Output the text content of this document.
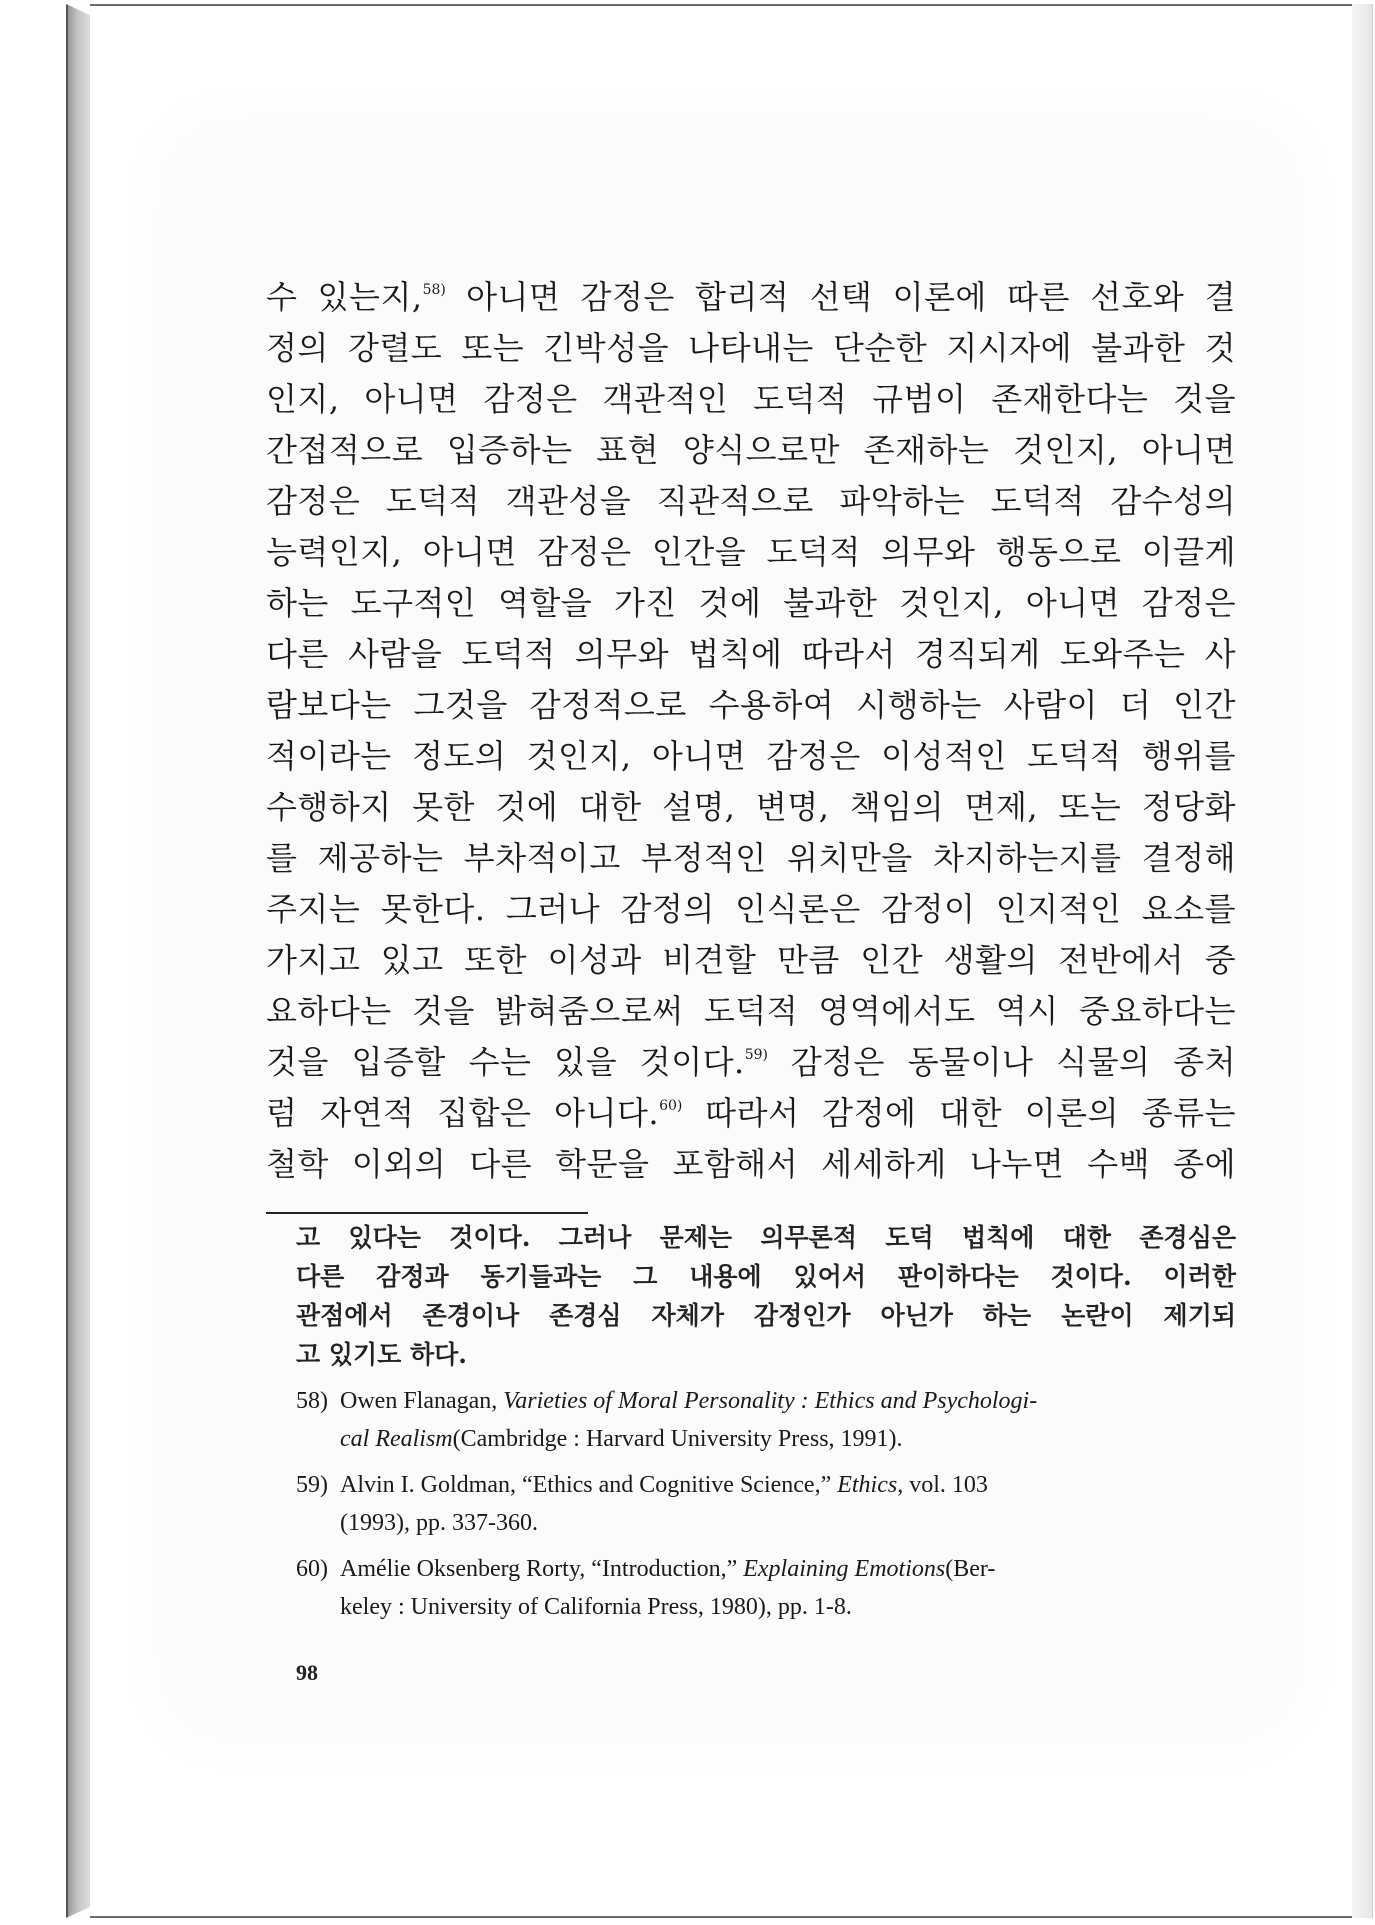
수 있는지,$^{58)}$ 아니면 감정은 합리적 선택 이론에 따른 선호와 결
정의 강렬도 또는 긴박성을 나타내는 단순한 지시자에 불과한 것
인지, 아니면 감정은 객관적인 도덕적 규범이 존재한다는 것을
간접적으로 입증하는 표현 양식으로만 존재하는 것인지, 아니면
감정은 도덕적 객관성을 직관적으로 파악하는 도덕적 감수성의
능력인지, 아니면 감정은 인간을 도덕적 의무와 행동으로 이끌게
하는 도구적인 역할을 가진 것에 불과한 것인지, 아니면 감정은
다른 사람을 도덕적 의무와 법칙에 따라서 경직되게 도와주는 사
람보다는 그것을 감정적으로 수용하여 시행하는 사람이 더 인간
적이라는 정도의 것인지, 아니면 감정은 이성적인 도덕적 행위를
수행하지 못한 것에 대한 설명, 변명, 책임의 면제, 또는 정당화
를 제공하는 부차적이고 부정적인 위치만을 차지하는지를 결정해
주지는 못한다. 그러나 감정의 인식론은 감정이 인지적인 요소를
가지고 있고 또한 이성과 비견할 만큼 인간 생활의 전반에서 중
요하다는 것을 밝혀줌으로써 도덕적 영역에서도 역시 중요하다는
것을 입증할 수는 있을 것이다.$^{59)}$ 감정은 동물이나 식물의 종처
럼 자연적 집합은 아니다.$^{60)}$ 따라서 감정에 대한 이론의 종류는
철학 이외의 다른 학문을 포함해서 세세하게 나누면 수백 종에
고 있다는 것이다. 그러나 문제는 의무론적 도덕 법칙에 대한 존경심은
다른 감정과 동기들과는 그 내용에 있어서 판이하다는 것이다. 이러한
관점에서 존경이나 존경심 자체가 감정인가 아닌가 하는 논란이 제기되
고 있기도 하다.
58) Owen Flanagan, Varieties of Moral Personality : Ethics and Psychologi-
cal Realism(Cambridge : Harvard University Press, 1991).
59) Alvin I. Goldman, “Ethics and Cognitive Science,” Ethics, vol. 103
(1993), pp. 337-360.
60) Amélie Oksenberg Rorty, “Introduction,” Explaining Emotions(Ber-
keley : University of California Press, 1980), pp. 1-8.
98
